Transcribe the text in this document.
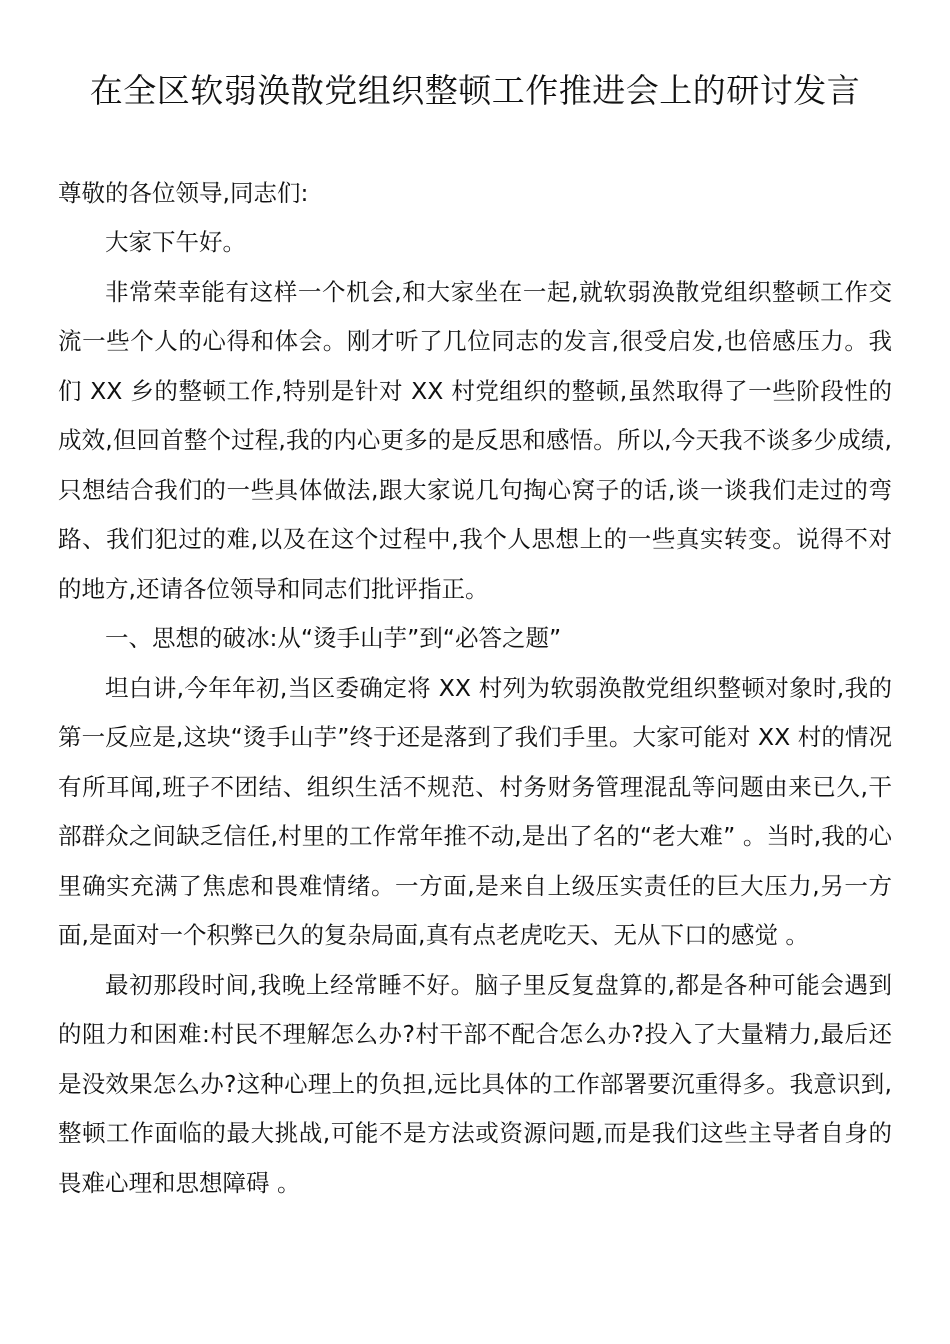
在全区软弱涣散党组织整顿工作推进会上的研讨发言

尊敬的各位领导,同志们:

大家下午好。

非常荣幸能有这样一个机会,和大家坐在一起,就软弱涣散党组织整顿工作交流一些个人的心得和体会。刚才听了几位同志的发言,很受启发,也倍感压力。我们 XX 乡的整顿工作,特别是针对 XX 村党组织的整顿,虽然取得了一些阶段性的成效,但回首整个过程,我的内心更多的是反思和感悟。所以,今天我不谈多少成绩,只想结合我们的一些具体做法,跟大家说几句掏心窝子的话,谈一谈我们走过的弯路、我们犯过的难,以及在这个过程中,我个人思想上的一些真实转变。说得不对的地方,还请各位领导和同志们批评指正。

一、思想的破冰:从“烫手山芋”到“必答之题”

坦白讲,今年年初,当区委确定将 XX 村列为软弱涣散党组织整顿对象时,我的第一反应是,这块“烫手山芋”终于还是落到了我们手里。大家可能对 XX 村的情况有所耳闻,班子不团结、组织生活不规范、村务财务管理混乱等问题由来已久,干部群众之间缺乏信任,村里的工作常年推不动,是出了名的“老大难” 。当时,我的心里确实充满了焦虑和畏难情绪。一方面,是来自上级压实责任的巨大压力,另一方面,是面对一个积弊已久的复杂局面,真有点老虎吃天、无从下口的感觉 。

最初那段时间,我晚上经常睡不好。脑子里反复盘算的,都是各种可能会遇到的阻力和困难:村民不理解怎么办?村干部不配合怎么办?投入了大量精力,最后还是没效果怎么办?这种心理上的负担,远比具体的工作部署要沉重得多。我意识到,整顿工作面临的最大挑战,可能不是方法或资源问题,而是我们这些主导者自身的畏难心理和思想障碍 。
